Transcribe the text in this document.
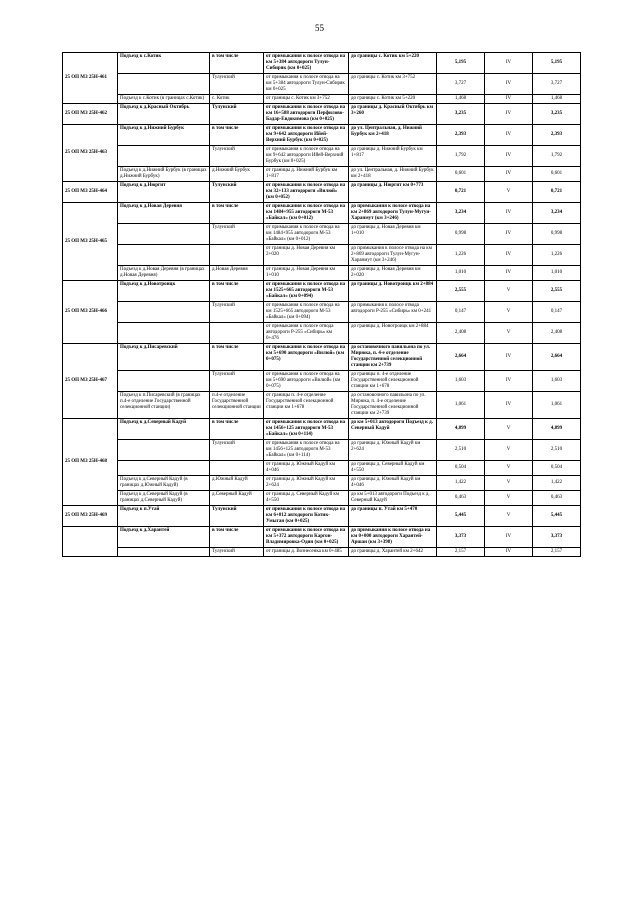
55
25 ОП МЗ 25Н-461	Подъезд к с.Котик	в том числе	от примыкания к полосе отвода на км 5+384 автодороги Тулун-Сибиряк (км 0+025)	до границы с. Котик км 5+220	5,195	IV	5,195
		Тулунский	от примыкания к полосе отвода на км 5+384 автодороги Тулун-Сибиряк км 0+025	до границы с. Котик км 3+752	3,727	IV	3,727
	Подъезд к с.Котик (в границах с.Котик)	с. Котик	от границы с. Котик км 3+752	до границы с. Котик км 5+220	1,468	IV	1,468
25 ОП МЗ 25Н-462	Подъезд к д.Красный Октябрь	Тулунский	от примыкания к полосе отвода на км 16+588 автодороги Перфилово-Бадар-Евдокимова (км 0+025)	до границы д. Красный Октябрь км 3+260	3,235	IV	3,235
25 ОП МЗ 25Н-463	Подъезд к д.Нижний Бурбук	в том числе	от примыкания к полосе отвода на км 9+642 автодороги Ийей-Верхний Бурбук (км 0+025)	до ул. Центральная, д. Нижний Бурбук км 2+418	2,393	IV	2,393
		Тулунский	от примыкания к полосе отвода на км 9+642 автодороги Ийей-Верхний Бурбук (км 0+025)	до границы д. Нижний Бурбук км 1+817	1,792	IV	1,792
	Подъезд к д.Нижний Бурбук (в границах д.Нижний Бурбук)	д.Нижний Бурбук	от границы д. Нижний Бурбук км 1+817	до ул. Центральная, д. Нижний Бурбук км 2+418	0,601	IV	0,601
25 ОП МЗ 25Н-464	Подъезд к д.Нюргит	Тулунский	от примыкания к полосе отвода на км 32+133 автодороги «Вилюй» (км 0+052)	до границы д. Нюргит км 0+773	0,721	V	0,721
25 ОП МЗ 25Н-465	Подъезд к д.Новая Деревня	в том числе	от примыкания к полосе отвода на км 1484+955 автодороги М-53 «Байкал» (км 0+012)	до примыкания к полосе отвода на км 2+869 автодороги Тулун-Мугун-Харанмут (км 3+246)	3,234	IV	3,234
		Тулунский	от примыкания к полосе отвода на км 1484+955 автодороги М-53 «Байкал» (км 0+012)	до границы д. Новая Деревня км 1+010	0,998	IV	0,998
			от границы д. Новая Деревня км 2+020	до примыкания к полосе отвода на км 2+869 автодороги Тулун-Мугун-Харанмут (км 3+246)	1,226	IV	1,226
	Подъезд к д.Новая Деревня (в границах д.Новая Деревня)	д.Новая Деревня	от границы д. Новая Деревня км 1+010	до границы д. Новая Деревня км 2+020	1,010	IV	1,010
25 ОП МЗ 25Н-466	Подъезд к д.Новотроицк	в том числе	от примыкания к полосе отвода на км 1525+665 автодороги М-53 «Байкал» (км 0+094)	до границы д. Новотроицк км 2+884	2,555	V	2,555
		Тулунский	от примыкания к полосе отвода на км 1525+665 автодороги М-53 «Байкал» (км 0+094)	до примыкания к полосе отвода автодороги Р-255 «Сибирь» км 0+241	0,147	V	0,147
			от примыкания к полосе отвода автодороги Р-255 «Сибирь» км 0+476	до границы д. Новотроицк км 2+884	2,408	V	2,408
25 ОП МЗ 25Н-467	Подъезд к д.Писаревский	в том числе	от примыкания к полосе отвода на км 5+690 автодороги «Вилюй» (км 0+075)	до остановочного павильона по ул. Мирюка, п. 4-е отделение Государственной селекционной станции км 2+739	2,664	IV	2,664
		Тулунский	от примыкания к полосе отвода на км 5+690 автодороги «Вилюй» (км 0+075)	до границы п. 4-е отделение Государственной селекционной станции км 1+678	1,603	IV	1,603
	Подъезд к п.Писаревский (в границах п.4-е отделение Государственной селекционной станции)	п.4-е отделение Государственной селекционной станции	от границы п. 4-е отделение Государственной селекционной станции км 1+678	до остановочного павильона по ул. Мирюка, п. 4-е отделение Государственной селекционной станции км 2+739	1,061	IV	1,061
25 ОП МЗ 25Н-468	Подъезд к д.Северный Кадуй	в том числе	от примыкания к полосе отвода на км 1456+125 автодороги М-53 «Байкал» (км 0+114)	до км 5+013 автодороги Подъезд к д. Северный Кадуй	4,899	V	4,899
		Тулунский	от примыкания к полосе отвода на км 1456+125 автодороги М-53 «Байкал» (км 0+114)	до границы д. Южный Кадуй км 2+624	2,510	V	2,510
			от границы д. Южный Кадуй км 4+046	до границы д. Северный Кадуй км 4+550	0,504	V	0,504
	Подъезд к д.Северный Кадуй (в границах д.Южный Кадуй)	д.Южный Кадуй	от границы д. Южный Кадуй км 2+624	до границы д. Южный Кадуй км 4+046	1,422	V	1,422
	Подъезд к д.Северный Кадуй (в границах д.Северный Кадуй)	д.Северный Кадуй	от границы д. Северный Кадуй км 4+550	до км 5+013 автодороги Подъезд к д. Северный Кадуй	0,463	V	0,463
25 ОП МЗ 25Н-469	Подъезд к п.Утай	Тулунский	от примыкания к полосе отвода на км 6+812 автодороги Котик-Умыган (км 0+025)	до границы п. Утай км 5+470	5,445	V	5,445
	Подъезд к д.Харантей	в том числе	от примыкания к полосе отвода на км 5+372 автодороги Каргон-Владимировка-Один (км 0+025)	до примыкания к полосе отвода на км 0+000 автодороги Харантей-Аршан (км 3+398)	3,373	IV	3,373
		Тулунский	от границы д. Вознесенка км 0+485	до границы д. Харантей км 2+642	2,157	IV	2,157
